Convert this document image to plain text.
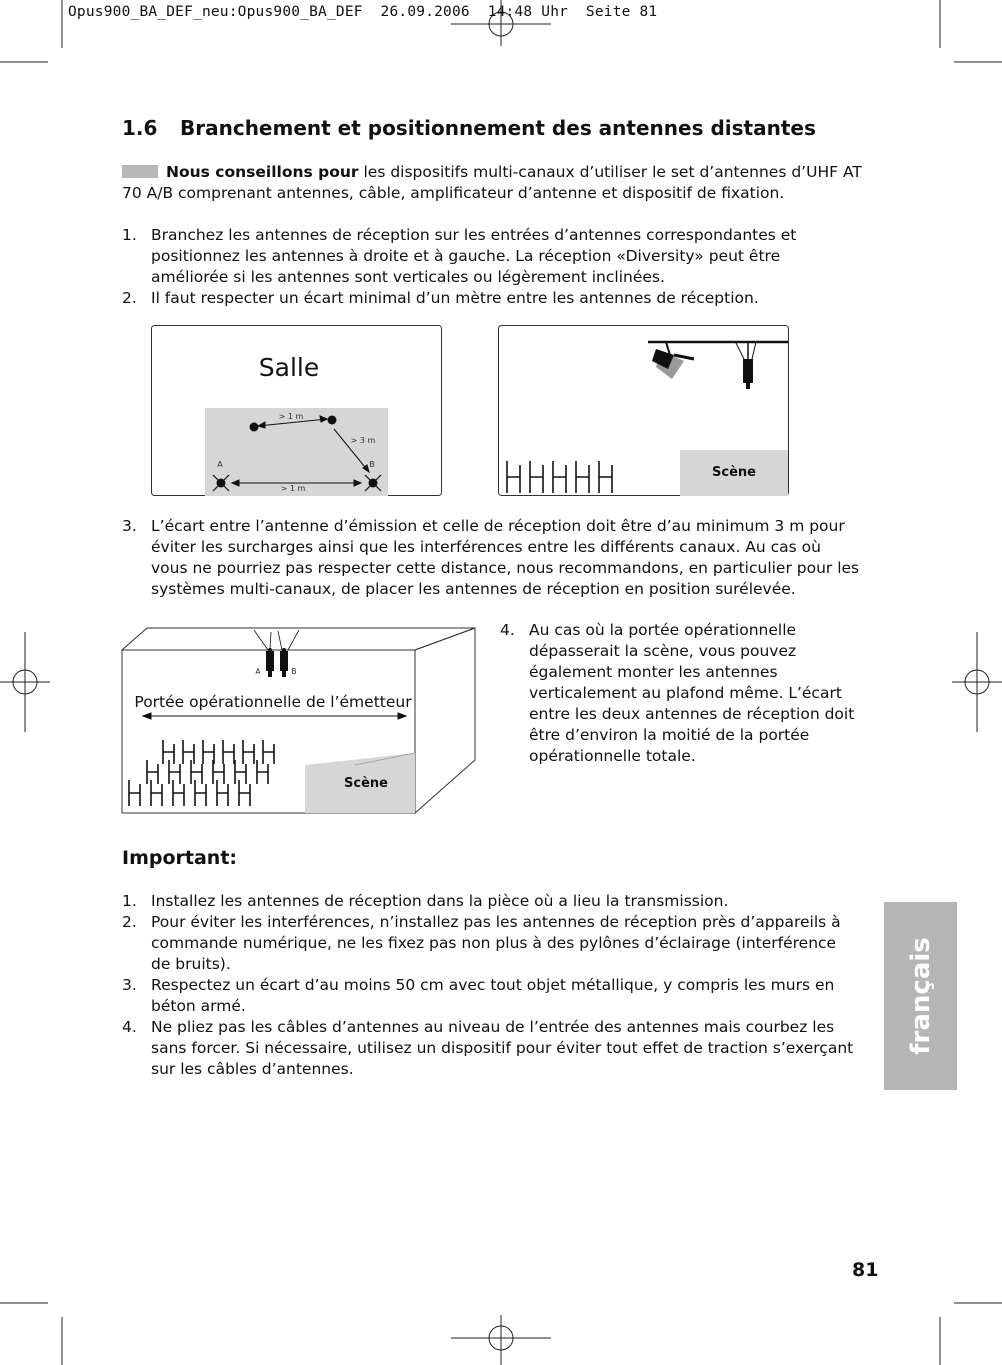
Opus900_BA_DEF_neu:Opus900_BA_DEF  26.09.2006  14:48 Uhr  Seite 81
1.6 Branchement et positionnement des antennes distantes
Nous conseillons pour les dispositifs multi-canaux d’utiliser le set d’antennes d’UHF AT 70 A/B comprenant antennes, câble, amplificateur d’antenne et dispositif de fixation.
1. Branchez les antennes de réception sur les entrées d’antennes correspondantes et positionnez les antennes à droite et à gauche. La réception «Diversity» peut être améliorée si les antennes sont verticales ou légèrement inclinées.
2. Il faut respecter un écart minimal d’un mètre entre les antennes de réception.
Salle
> 1 m
> 3 m
> 1 m
A	B
Scène
3. L’écart entre l’antenne d’émission et celle de réception doit être d’au minimum 3 m pour éviter les surcharges ainsi que les interférences entre les différents canaux. Au cas où vous ne pourriez pas respecter cette distance, nous recommandons, en particulier pour les systèmes multi-canaux, de placer les antennes de réception en position surélevée.
A	B
Portée opérationnelle de l’émetteur
Scène
4. Au cas où la portée opérationnelle dépasserait la scène, vous pouvez également monter les antennes verticalement au plafond même. L’écart entre les deux antennes de réception doit être d’environ la moitié de la portée opérationnelle totale.
Important:
1. Installez les antennes de réception dans la pièce où a lieu la transmission.
2. Pour éviter les interférences, n’installez pas les antennes de réception près d’appareils à commande numérique, ne les fixez pas non plus à des pylônes d’éclairage (interférence de bruits).
3. Respectez un écart d’au moins 50 cm avec tout objet métallique, y compris les murs en béton armé.
4. Ne pliez pas les câbles d’antennes au niveau de l’entrée des antennes mais courbez les sans forcer. Si nécessaire, utilisez un dispositif pour éviter tout effet de traction s’exerçant sur les câbles d’antennes.
français
81
